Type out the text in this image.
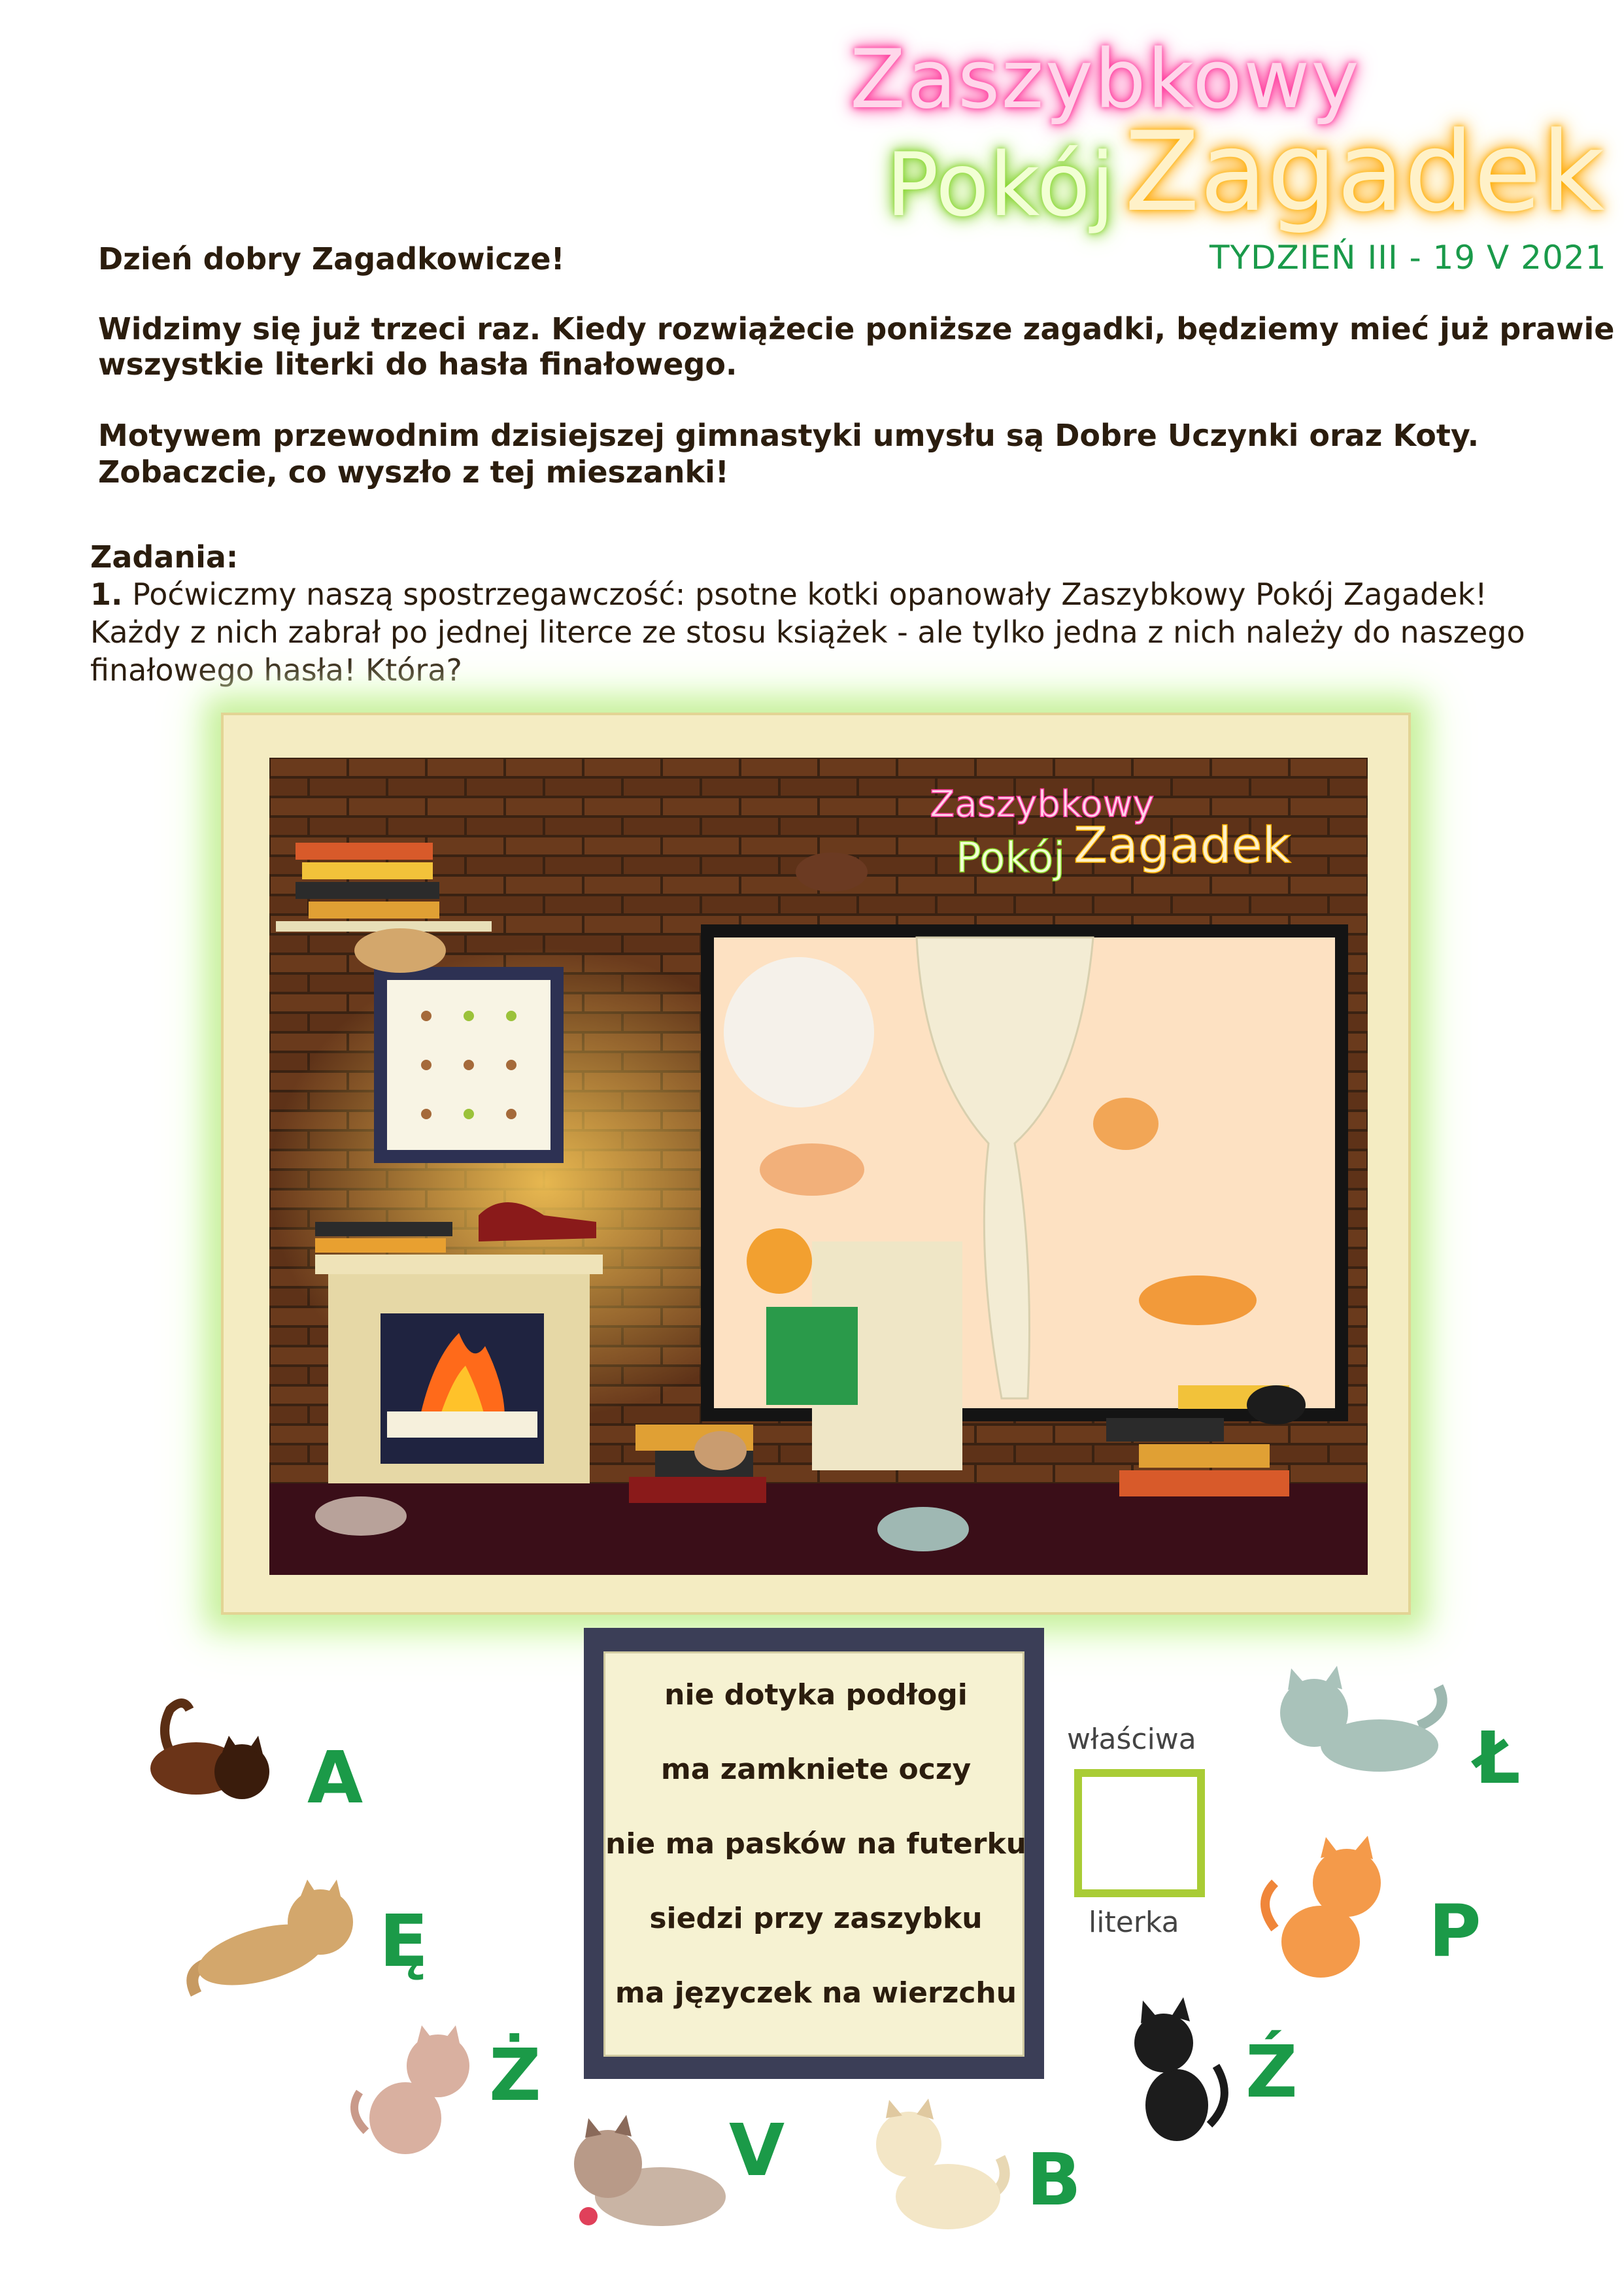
Zaszybkowy
Pokój Zagadek
TYDZIEŃ III - 19 V 2021
Dzień dobry Zagadkowicze!
Widzimy się już trzeci raz. Kiedy rozwiążecie poniższe zagadki, będziemy mieć już prawie
wszystkie literki do hasła finałowego.
Motywem przewodnim dzisiejszej gimnastyki umysłu są Dobre Uczynki oraz Koty.
Zobaczcie, co wyszło z tej mieszanki!
Zadania:
1. Poćwiczmy naszą spostrzegawczość: psotne kotki opanowały Zaszybkowy Pokój Zagadek!
Każdy z nich zabrał po jednej literce ze stosu książek - ale tylko jedna z nich należy do naszego
finałowego hasła! Która?
Zaszybkowy
Pokój Zagadek
nie dotyka podłogi
ma zamkniete oczy
nie ma pasków na futerku
siedzi przy zaszybku
ma języczek na wierzchu
właściwa
literka
A
Ę
Ż
V	B
Ź
P
Ł
